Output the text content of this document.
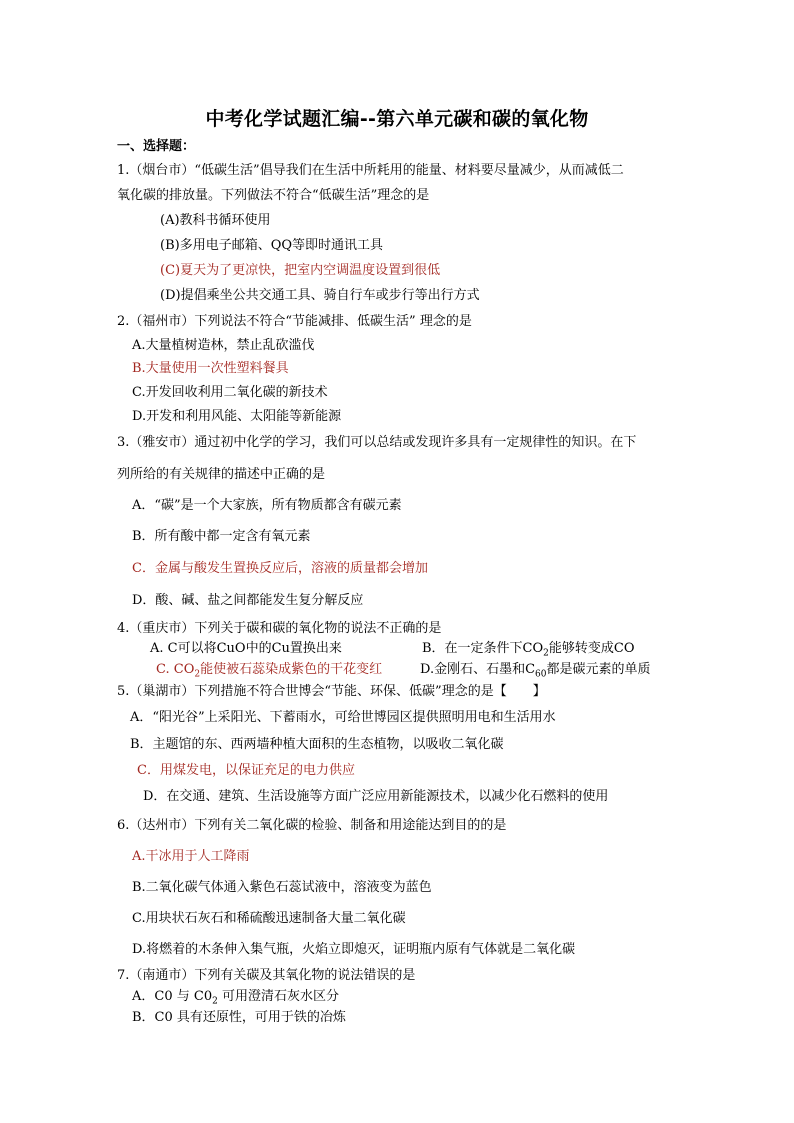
中考化学试题汇编--第六单元碳和碳的氧化物
一、选择题：
1.（烟台市）“低碳生活”倡导我们在生活中所耗用的能量、材料要尽量减少，从而减低二
氧化碳的排放量。下列做法不符合“低碳生活”理念的是
(A)教科书循环使用
(B)多用电子邮箱、QQ等即时通讯工具
(C)夏天为了更凉快，把室内空调温度设置到很低
(D)提倡乘坐公共交通工具、骑自行车或步行等出行方式
2.（福州市）下列说法不符合“节能减排、低碳生活” 理念的是
A.大量植树造林，禁止乱砍滥伐
B.大量使用一次性塑料餐具
C.开发回收利用二氧化碳的新技术
D.开发和利用风能、太阳能等新能源
3.（雅安市）通过初中化学的学习，我们可以总结或发现许多具有一定规律性的知识。在下
列所给的有关规律的描述中正确的是
A．“碳”是一个大家族，所有物质都含有碳元素
B．所有酸中都一定含有氧元素
C．金属与酸发生置换反应后，溶液的质量都会增加
D．酸、碱、盐之间都能发生复分解反应
4.（重庆市）下列关于碳和碳的氧化物的说法不正确的是
A. C可以将CuO中的Cu置换出来	B．在一定条件下$CO_2$能够转变成CO
C. $CO_2$能使被石蕊染成紫色的干花变红	D.金刚石、石墨和$C_{60}$都是碳元素的单质
5.（巢湖市）下列措施不符合世博会“节能、环保、低碳”理念的是【　　】
A．“阳光谷”上采阳光、下蓄雨水，可给世博园区提供照明用电和生活用水
B．主题馆的东、西两墙种植大面积的生态植物，以吸收二氧化碳
C．用煤发电，以保证充足的电力供应
D．在交通、建筑、生活设施等方面广泛应用新能源技术，以减少化石燃料的使用
6.（达州市）下列有关二氧化碳的检验、制备和用途能达到目的的是
A.干冰用于人工降雨
B.二氧化碳气体通入紫色石蕊试液中，溶液变为蓝色
C.用块状石灰石和稀硫酸迅速制备大量二氧化碳
D.将燃着的木条伸入集气瓶，火焰立即熄灭，证明瓶内原有气体就是二氧化碳
7.（南通市）下列有关碳及其氧化物的说法错误的是
A．C0 与 $C0_2$ 可用澄清石灰水区分
B．C0 具有还原性，可用于铁的冶炼
